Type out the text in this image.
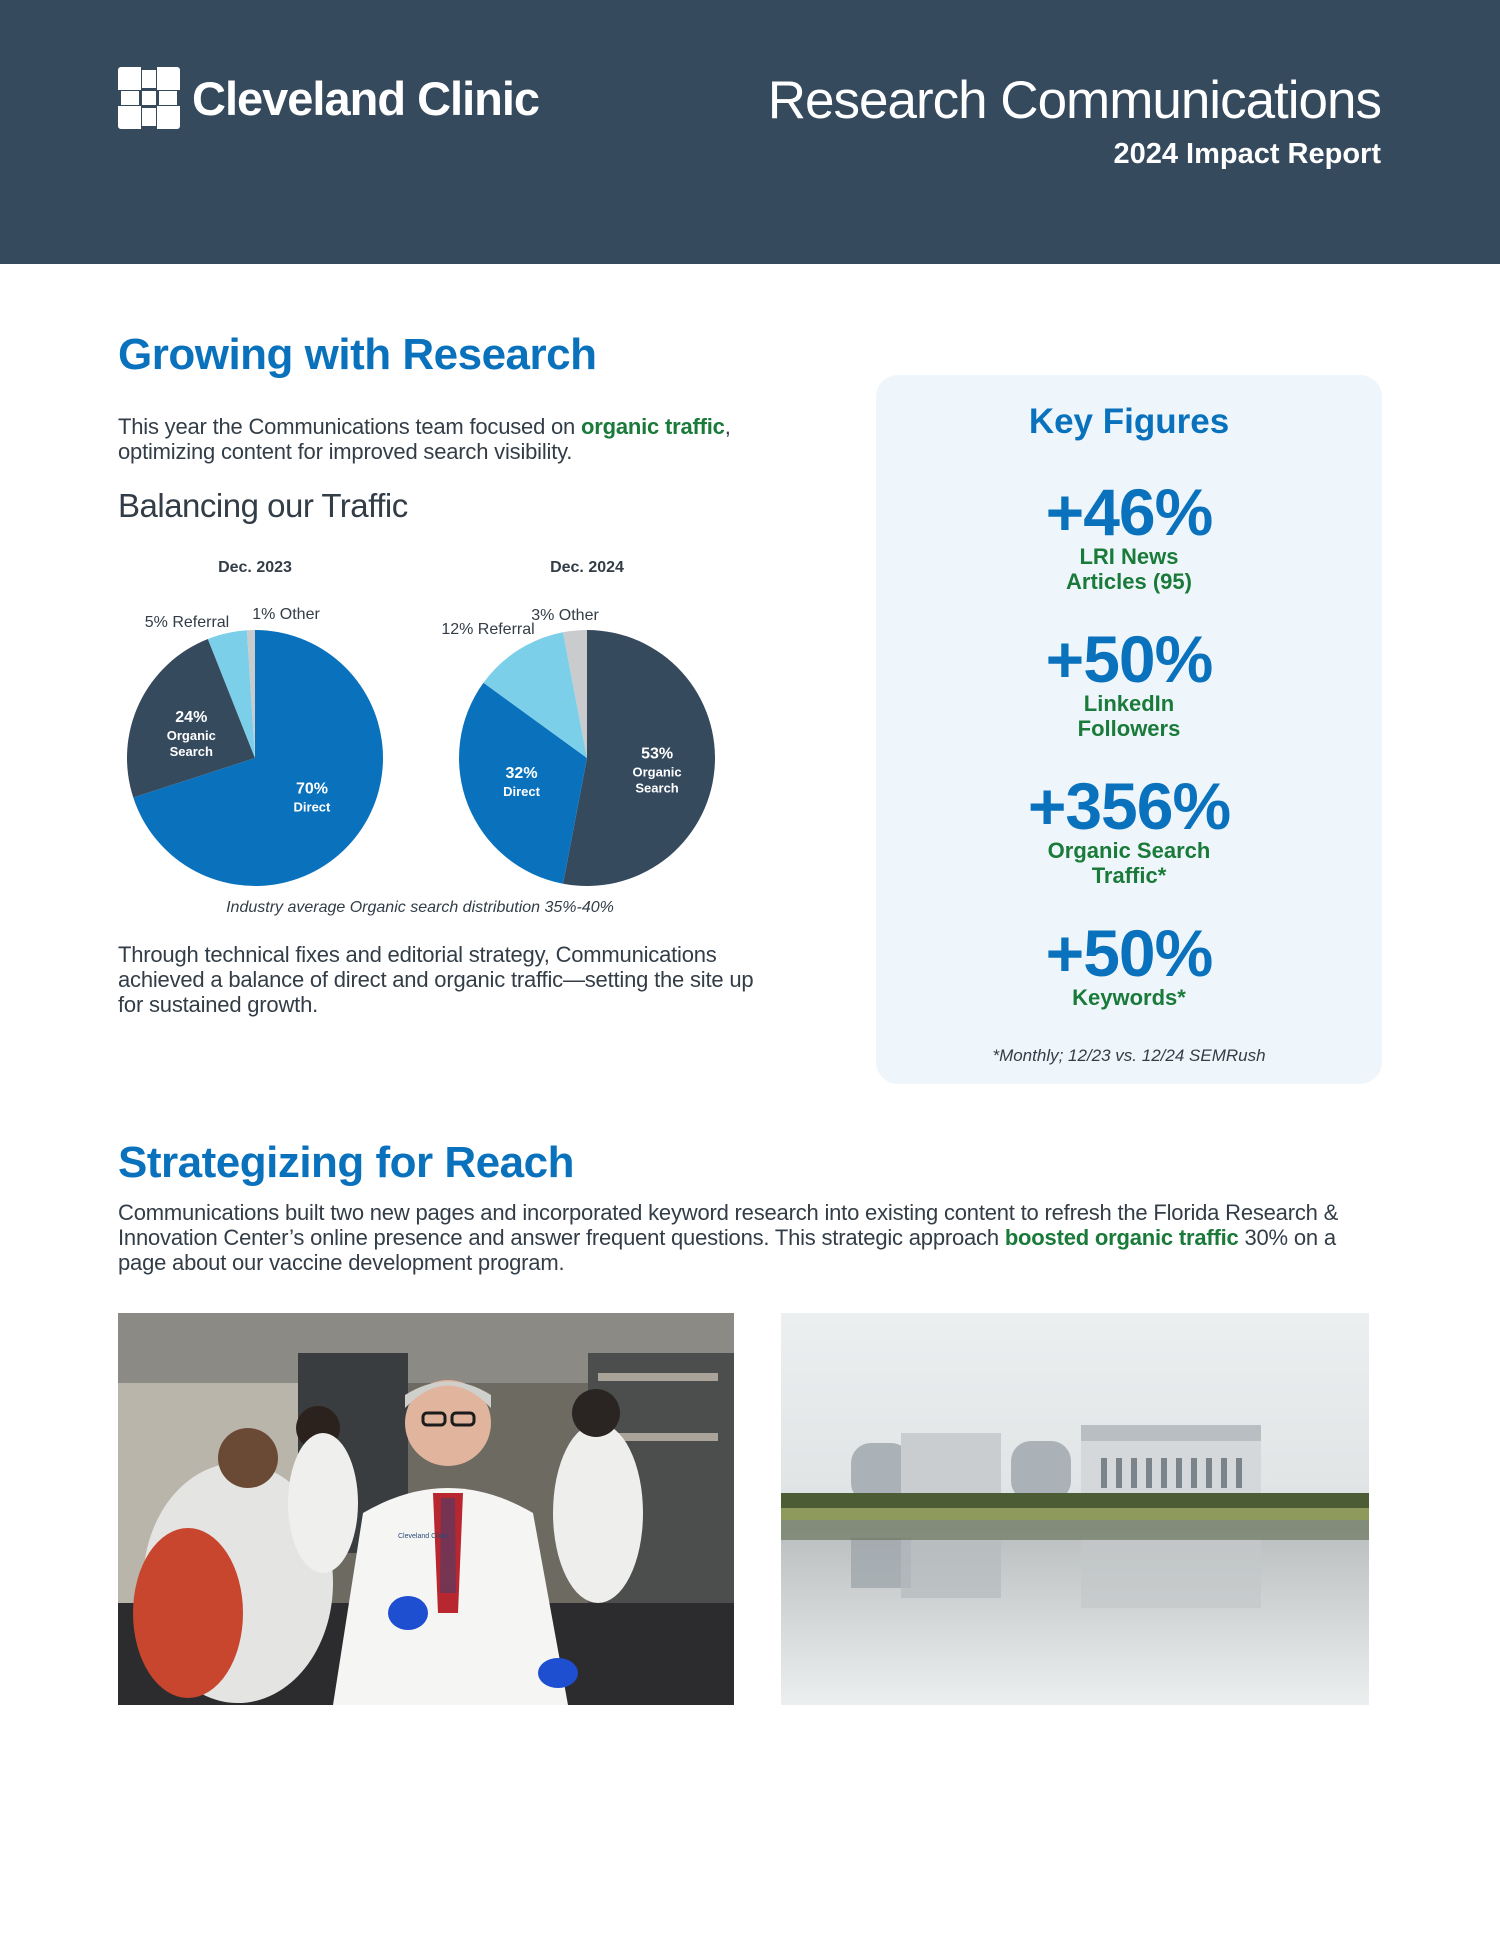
Cleveland Clinic	Research Communications
2024 Impact Report
Growing with Research
This year the Communications team focused on organic traffic, optimizing content for improved search visibility.
Balancing our Traffic
Dec. 2023
70%
Direct
24%
Organic
Search
5% Referral 1% Other
Dec. 2024
53%
Organic
Search
32%
Direct
12% Referral
3% Other
Industry average Organic search distribution 35%-40%
Through technical fixes and editorial strategy, Communications achieved a balance of direct and organic traffic—setting the site up for sustained growth.
Key Figures
+46%
LRI News Articles (95)
+50%
LinkedIn Followers
+356%
Organic Search Traffic*
+50%
Keywords*
*Monthly; 12/23 vs. 12/24 SEMRush
Strategizing for Reach
Communications built two new pages and incorporated keyword research into existing content to refresh the Florida Research & Innovation Center’s online presence and answer frequent questions. This strategic approach boosted organic traffic 30% on a page about our vaccine development program.
Cleveland Clinic
